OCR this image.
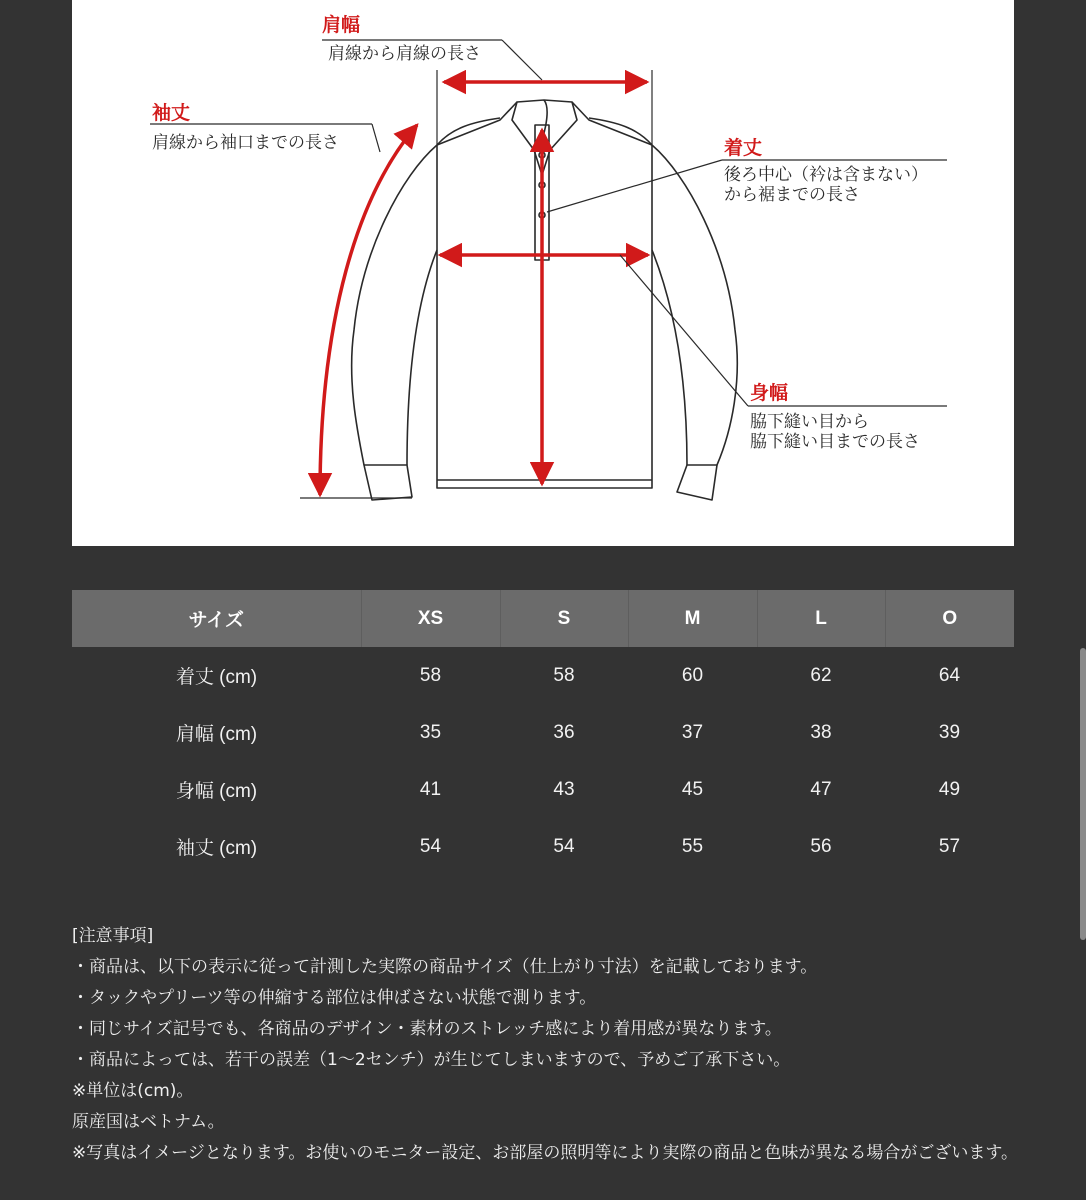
肩幅
肩線から肩線の長さ
袖丈
肩線から袖口までの長さ	着丈
後ろ中心（衿は含まない）
から裾までの長さ
身幅
脇下縫い目から
脇下縫い目までの長さ
サイズ	XS	S	M	L	O
着丈 (cm)	58	58	60	62	64
肩幅 (cm)	35	36	37	38	39
身幅 (cm)	41	43	45	47	49
袖丈 (cm)	54	54	55	56	57
[注意事項]
・商品は、以下の表示に従って計測した実際の商品サイズ（仕上がり寸法）を記載しております。
・タックやプリーツ等の伸縮する部位は伸ばさない状態で測ります。
・同じサイズ記号でも、各商品のデザイン・素材のストレッチ感により着用感が異なります。
・商品によっては、若干の誤差（1〜2センチ）が生じてしまいますので、予めご了承下さい。
※単位は(cm)。
原産国はベトナム。
※写真はイメージとなります。お使いのモニター設定、お部屋の照明等により実際の商品と色味が異なる場合がございます。
